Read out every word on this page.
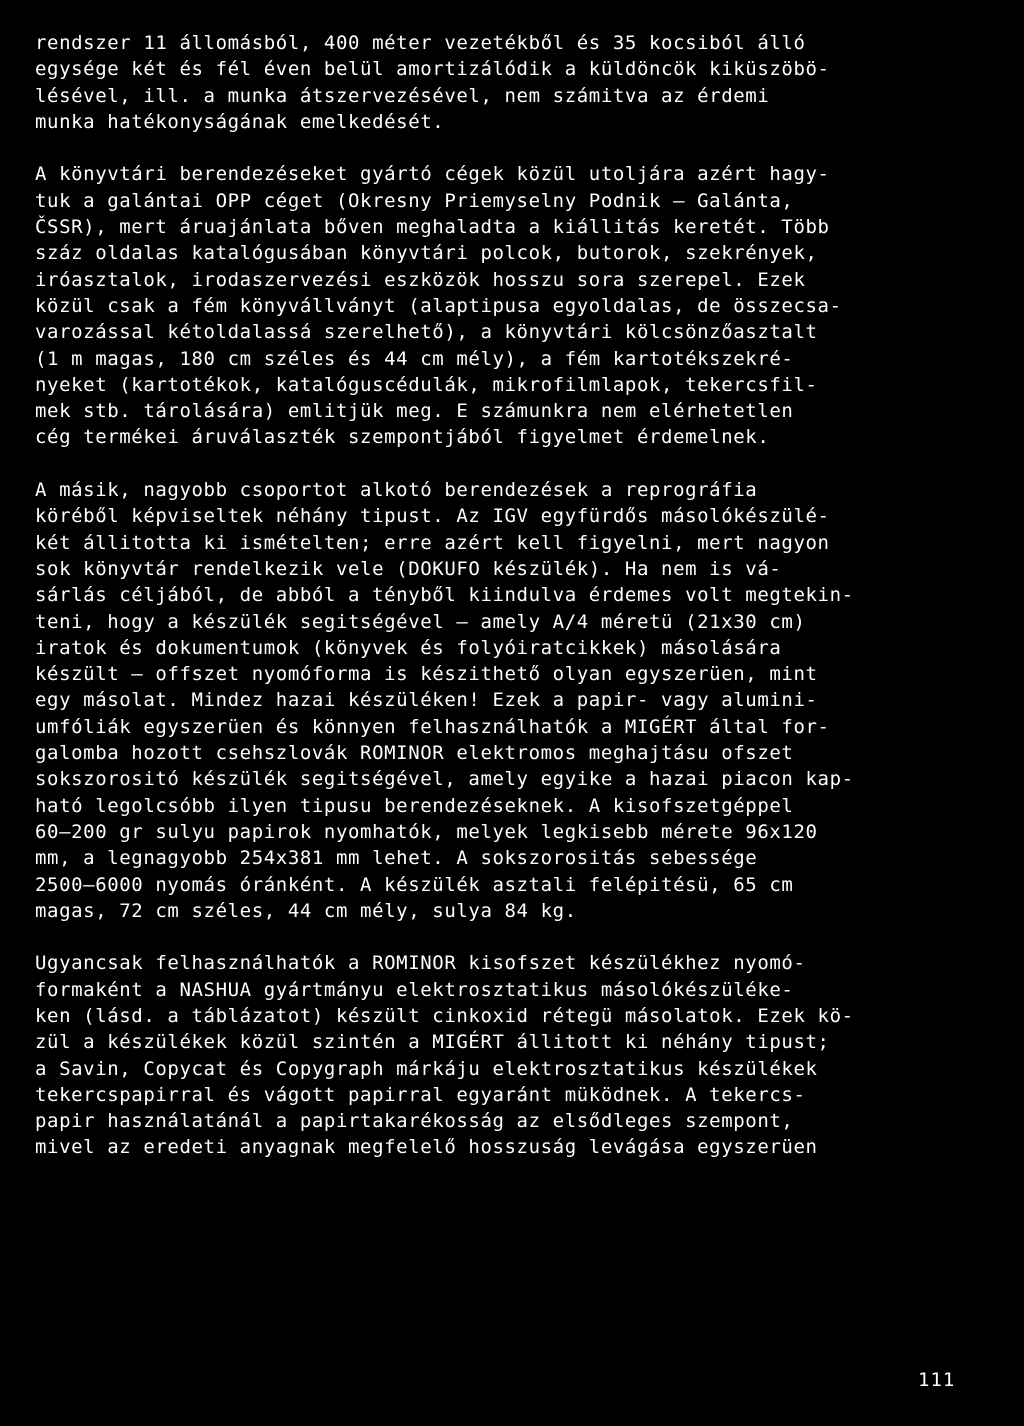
rendszer 11 állomásból, 400 méter vezetékből és 35 kocsiból álló
egysége két és fél éven belül amortizálódik a küldöncök kiküszöbö-
lésével, ill. a munka átszervezésével, nem számitva az érdemi
munka hatékonyságának emelkedését.

A könyvtári berendezéseket gyártó cégek közül utoljára azért hagy-
tuk a galántai OPP céget (Okresny Priemyselny Podnik — Galánta,
ČSSR), mert áruajánlata bőven meghaladta a kiállitás keretét. Több
száz oldalas katalógusában könyvtári polcok, butorok, szekrények,
iróasztalok, irodaszervezési eszközök hosszu sora szerepel. Ezek
közül csak a fém könyvállványt (alaptipusa egyoldalas, de összecsa-
varozással kétoldalassá szerelhető), a könyvtári kölcsönzőasztalt
(1 m magas, 180 cm széles és 44 cm mély), a fém kartotékszekré-
nyeket (kartotékok, katalóguscédulák, mikrofilmlapok, tekercsfil-
mek stb. tárolására) emlitjük meg. E számunkra nem elérhetetlen
cég termékei áruválaszték szempontjából figyelmet érdemelnek.

A másik, nagyobb csoportot alkotó berendezések a reprográfia
köréből képviseltek néhány tipust. Az IGV egyfürdős másolókészülé-
két állitotta ki ismételten; erre azért kell figyelni, mert nagyon
sok könyvtár rendelkezik vele (DOKUFO készülék). Ha nem is vá-
sárlás céljából, de abból a tényből kiindulva érdemes volt megtekin-
teni, hogy a készülék segitségével — amely A/4 méretü (21x30 cm)
iratok és dokumentumok (könyvek és folyóiratcikkek) másolására
készült — offszet nyomóforma is készithető olyan egyszerüen, mint
egy másolat. Mindez hazai készüléken! Ezek a papir- vagy alumini-
umfóliák egyszerüen és könnyen felhasználhatók a MIGÉRT által for-
galomba hozott csehszlovák ROMINOR elektromos meghajtásu ofszet
sokszorositó készülék segitségével, amely egyike a hazai piacon kap-
ható legolcsóbb ilyen tipusu berendezéseknek. A kisofszetgéppel
60—200 gr sulyu papirok nyomhatók, melyek legkisebb mérete 96x120
mm, a legnagyobb 254x381 mm lehet. A sokszorositás sebessége
2500—6000 nyomás óránként. A készülék asztali felépitésü, 65 cm
magas, 72 cm széles, 44 cm mély, sulya 84 kg.

Ugyancsak felhasználhatók a ROMINOR kisofszet készülékhez nyomó-
formaként a NASHUA gyártmányu elektrosztatikus másolókészüléke-
ken (lásd. a táblázatot) készült cinkoxid rétegü másolatok. Ezek kö-
zül a készülékek közül szintén a MIGÉRT állitott ki néhány tipust;
a Savin, Copycat és Copygraph márkáju elektrosztatikus készülékek
tekercspapirral és vágott papirral egyaránt müködnek. A tekercs-
papir használatánál a papirtakarékosság az elsődleges szempont,
mivel az eredeti anyagnak megfelelő hosszuság levágása egyszerüen

111
